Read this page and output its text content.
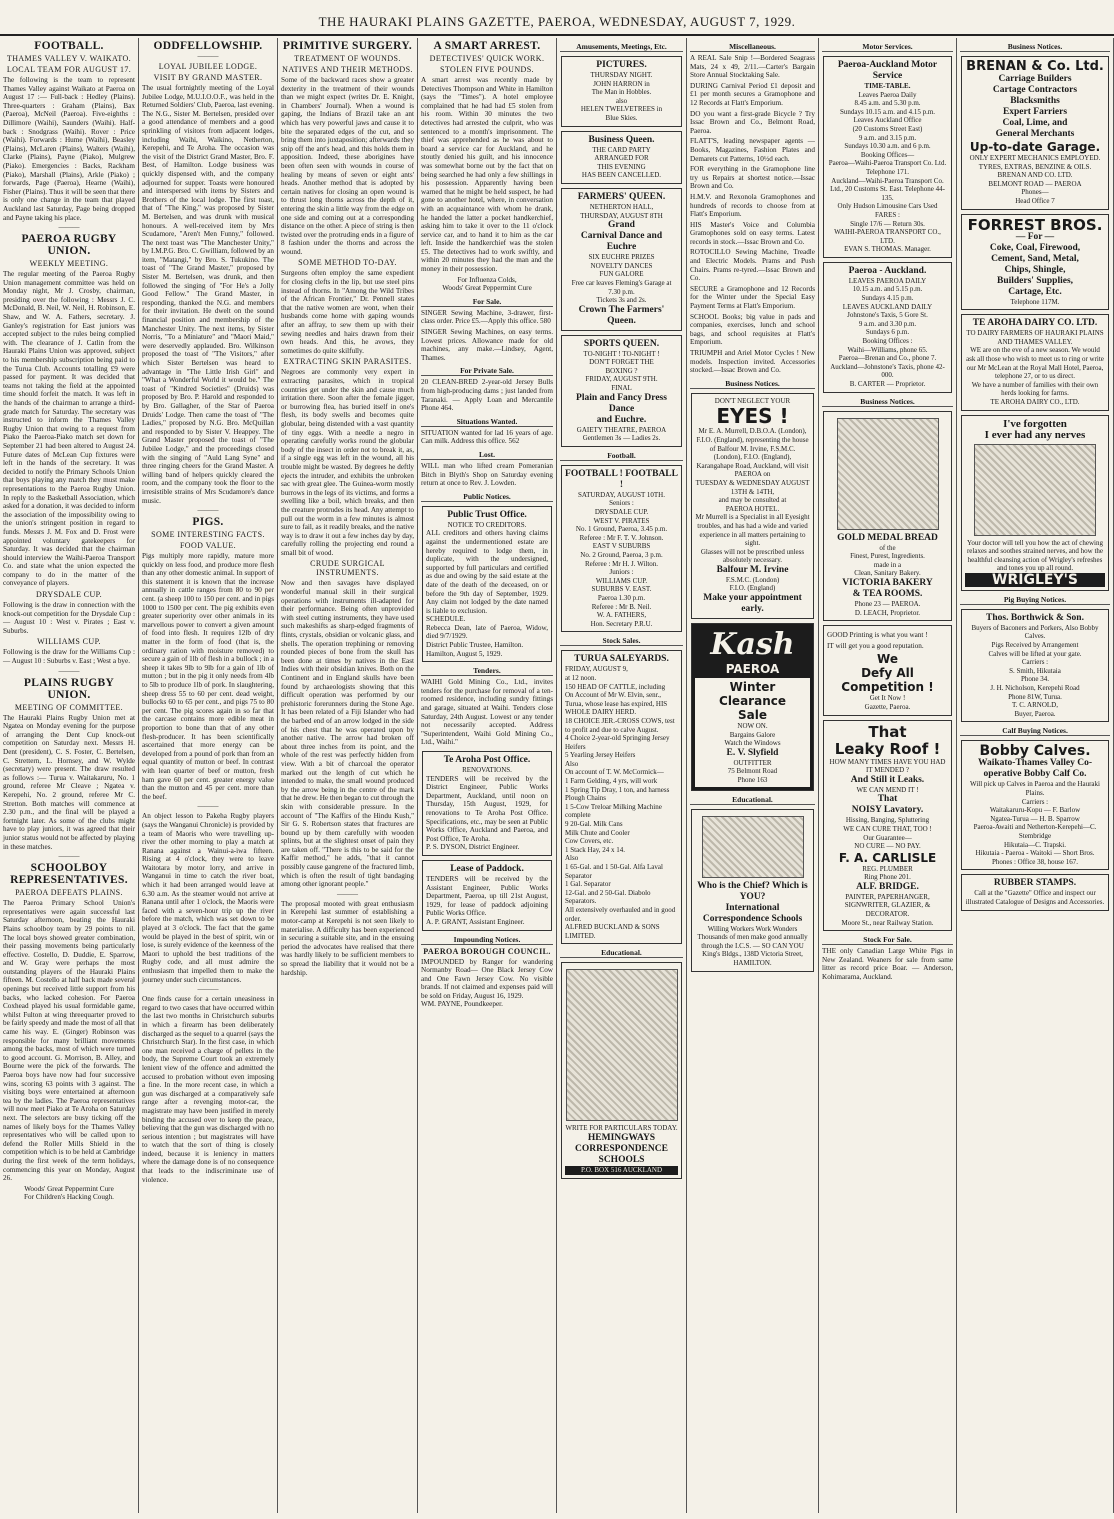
THE HAURAKI PLAINS GAZETTE, PAEROA, WEDNESDAY, AUGUST 7, 1929.
FOOTBALL.
THAMES VALLEY V. WAIKATO.
LOCAL TEAM FOR AUGUST 17.
The following is the team to represent Thames Valley against Waikato at Paeroa on August 17 :— Full-back : Hedley (Plains). Three-quarters : Graham (Plains), Bax (Paeroa), McNeil (Paeroa). Five-eighths : Dillimore (Waihi), Saunders (Waihi). Half-back : Snodgrass (Waihi). Rover : Price (Waihi). Forwards : Hume (Waihi), Beasley (Plains), McLaren (Plains), Walters (Waihi), Clarke (Plains), Payne (Piako), Mulgrew (Piako). Emergencies : Backs, Rackham (Piako), Marshall (Plains), Arkle (Piako) ; forwards, Page (Paeroa), Hearne (Waihi), Fisher (Plains). Thus it will be seen that there is only one change in the team that played Auckland last Saturday, Page being dropped and Payne taking his place.
———
PAEROA RUGBY UNION.
WEEKLY MEETING.
The regular meeting of the Paeroa Rugby Union management committee was held on Monday night, Mr J. Crosby, chairman, presiding over the following : Messrs J. C. McDonald, B. Neil, W. Neil, H. Robinson, E. Shaw, and W. A. Fathers, secretary. J. Ganley's registration for East juniors was accepted subject to the rules being complied with. The clearance of J. Catlin from the Hauraki Plains Union was approved, subject to his membership subscription being paid to the Turua Club. Accounts totalling £9 were passed for payment. It was decided that teams not taking the field at the appointed time should forfeit the match. It was left in the hands of the chairman to arrange a third-grade match for Saturday. The secretary was instructed to inform the Thames Valley Rugby Union that owing to a request from Piako the Paeroa-Piako match set down for September 21 had been altered to August 24. Future dates of McLean Cup fixtures were left in the hands of the secretary. It was decided to notify the Primary Schools Union that boys playing any match they must make representations to the Paeroa Rugby Union. In reply to the Basketball Association, which asked for a donation, it was decided to inform the association of the impossibility owing to the union's stringent position in regard to funds. Messrs J. M. Fox and D. Frost were appointed voluntary gatekeepers for Saturday. It was decided that the chairman should interview the Waihi-Paeroa Transport Co. and state what the union expected the company to do in the matter of the conveyance of players.
DRYSDALE CUP.
Following is the draw in connection with the knock-out competition for the Drysdale Cup :— August 10 : West v. Pirates ; East v. Suburbs.
WILLIAMS CUP.
Following is the draw for the Williams Cup :— August 10 : Suburbs v. East ; West a bye.
———
PLAINS RUGBY UNION.
MEETING OF COMMITTEE.
The Hauraki Plains Rugby Union met at Ngatea on Monday evening for the purpose of arranging the Dent Cup knock-out competition on Saturday next. Messrs H. Dent (president), C. S. Foster, C. Bertelsen, C. Strettern, L. Hornsey, and W. Wylde (secretary) were present. The draw resulted as follows :— Turua v. Waitakaruru, No. 1 ground, referee Mr Cleave ; Ngatea v. Kerepehi, No. 2 ground, referee Mr C. Stretton. Both matches will commence at 2.30 p.m., and the final will be played a fortnight later. As some of the clubs might have to play juniors, it was agreed that their junior status would not be affected by playing in these matches.
———
SCHOOLBOY REPRESENTATIVES.
PAEROA DEFEATS PLAINS.
The Paeroa Primary School Union's representatives were again successful last Saturday afternoon, beating the Hauraki Plains schoolboy team by 29 points to nil. The local boys showed greater combination, their passing movements being particularly effective. Costello, D. Duddie, E. Sparrow, and W. Gray were perhaps the most outstanding players of the Hauraki Plains fifteen. M. Costello at half back made several openings but received little support from his backs, who lacked cohesion. For Paeroa Coxhead played his usual formidable game, whilst Fulton at wing threequarter proved to be fairly speedy and made the most of all that came his way. E. (Ginger) Robinson was responsible for many brilliant movements among the backs, most of which were turned to good account. G. Morrison, B. Alley, and Bourne were the pick of the forwards. The Paeroa boys have now had four successive wins, scoring 63 points with 3 against. The visiting boys were entertained at afternoon tea by the ladies. The Paeroa representatives will now meet Piako at Te Aroha on Saturday next. The selectors are busy ticking off the names of likely boys for the Thames Valley representatives who will be called upon to defend the Roller Mills Shield in the competition which is to be held at Cambridge during the first week of the term holidays, commencing this year on Monday, August 26.
Woods' Great Peppermint Cure
For Children's Hacking Cough.
ODDFELLOWSHIP.
———
LOYAL JUBILEE LODGE.
VISIT BY GRAND MASTER.
The usual fortnightly meeting of the Loyal Jubilee Lodge, M.U.I.O.O.F., was held in the Returned Soldiers' Club, Paeroa, last evening. The N.G., Sister M. Bertelsen, presided over a good attendance of members and a good sprinkling of visitors from adjacent lodges, including Waihi, Waikino, Netherton, Kerepehi, and Te Aroha. The occasion was the visit of the District Grand Master, Bro. F. Best, of Hamilton. Lodge business was quickly dispensed with, and the company adjourned for supper. Toasts were honoured and interspersed with items by Sisters and Brothers of the local lodge. The first toast, that of "The King," was proposed by Sister M. Bertelsen, and was drunk with musical honours. A well-received item by Mrs Scudamore, "Aren't Men Funny," followed. The next toast was "The Manchester Unity," by I.M.P.G. Bro. C. Gwilliam, followed by an item, "Matangi," by Bro. S. Tukukino. The toast of "The Grand Master," proposed by Sister M. Bertelsen, was drunk, and then followed the singing of "For He's a Jolly Good Fellow." The Grand Master, in responding, thanked the N.G. and members for their invitation. He dwelt on the sound financial position and membership of the Manchester Unity. The next items, by Sister Norris, "To a Miniature" and "Maori Maid," were deservedly applauded. Bro. Wilkinson proposed the toast of "The Visitors," after which Sister Bertelsen was heard to advantage in "The Little Irish Girl" and "What a Wonderful World it would be." The toast of "Kindred Societies" (Druids) was proposed by Bro. P. Harold and responded to by Bro. Gallagher, of the Star of Paeroa Druids' Lodge. Then came the toast of "The Ladies," proposed by N.G. Bro. McQuillan and responded to by Sister V. Heappey. The Grand Master proposed the toast of "The Jubilee Lodge," and the proceedings closed with the singing of "Auld Lang Syne" and three ringing cheers for the Grand Master. A willing band of helpers quickly cleared the room, and the company took the floor to the irresistible strains of Mrs Scudamore's dance music.
———
PIGS.
SOME INTERESTING FACTS.
FOOD VALUE.
Pigs multiply more rapidly, mature more quickly on less food, and produce more flesh than any other domestic animal. In support of this statement it is known that the increase annually in cattle ranges from 80 to 90 per cent. (a sheep 100 to 150 per cent. and in pigs 1000 to 1500 per cent. The pig exhibits even greater superiority over other animals in its marvellous power to convert a given amount of food into flesh. It requires 12lb of dry matter in the form of food (that is, the ordinary ration with moisture removed) to secure a gain of 1lb of flesh in a bullock ; in a sheep it takes 9lb to 9lb for a gain of 1lb of mutton ; but in the pig it only needs from 4lb to 5lb to produce 1lb of pork. In slaughtering, sheep dress 55 to 60 per cent. dead weight, bullocks 60 to 65 per cent., and pigs 75 to 80 per cent. The pig scores again in so far that the carcase contains more edible meat in proportion to bone than that of any other flesh-producer. It has been scientifically ascertained that more energy can be developed from a pound of pork than from an equal quantity of mutton or beef. In contrast with lean quarter of beef or mutton, fresh ham gave 60 per cent. greater energy value than the mutton and 45 per cent. more than the beef.
———
An object lesson to Pakeha Rugby players (says the Wanganui Chronicle) is provided by a team of Maoris who were travelling up-river the other morning to play a match at Ranana against a Wainui-a-iwa fifteen. Rising at 4 o'clock, they were to leave Waitotara by motor lorry, and arrive in Wanganui in time to catch the river boat, which it had been arranged would leave at 6.30 a.m. As the steamer would not arrive at Ranana until after 1 o'clock, the Maoris were faced with a seven-hour trip up the river before the match, which was set down to be played at 3 o'clock. The fact that the game would be played in the best of spirit, win or lose, is surely evidence of the keenness of the Maori to uphold the best traditions of the Rugby code, and all must admire the enthusiasm that impelled them to make the journey under such circumstances.
———
One finds cause for a certain uneasiness in regard to two cases that have occurred within the last two months in Christchurch suburbs in which a firearm has been deliberately discharged as the sequel to a quarrel (says the Christchurch Star). In the first case, in which one man received a charge of pellets in the body, the Supreme Court took an extremely lenient view of the offence and admitted the accused to probation without even imposing a fine. In the more recent case, in which a gun was discharged at a comparatively safe range after a revenging motor-car, the magistrate may have been justified in merely binding the accused over to keep the peace, believing that the gun was discharged with no serious intention ; but magistrates will have to watch that the sort of thing is closely indeed, because it is leniency in matters where the damage done is of no consequence that leads to the indiscriminate use of violence.
PRIMITIVE SURGERY.
TREATMENT OF WOUNDS.
NATIVES AND THEIR METHODS.
Some of the backward races show a greater dexterity in the treatment of their wounds than we might expect (writes Dr. E. Knight, in Chambers' Journal). When a wound is gaping, the Indians of Brazil take an ant which has very powerful jaws and cause it to bite the separated edges of the cut, and so bring them into juxtaposition; afterwards they snip off the ant's head, and this holds them in apposition. Indeed, these aborigines have been often seen with wounds in course of healing by means of seven or eight ants' heads. Another method that is adopted by certain natives for closing an open wound is to thrust long thorns across the depth of it, entering the skin a little way from the edge on one side and coming out at a corresponding distance on the other. A piece of string is then twisted over the protruding ends in a figure of 8 fashion under the thorns and across the wound.
SOME METHOD TO-DAY.
Surgeons often employ the same expedient for closing clefts in the lip, but use steel pins instead of thorns. In "Among the Wild Tribes of the African Frontier," Dr. Pennell states that the native women are wont, when their husbands come home with gaping wounds after an affray, to sew them up with their sewing needles and hairs drawn from their own heads. And this, he avows, they sometimes do quite skilfully.
EXTRACTING SKIN PARASITES.
Negroes are commonly very expert in extracting parasites, which in tropical countries get under the skin and cause much irritation there. Soon after the female jigger, or burrowing flea, has buried itself in one's flesh, its body swells and becomes quite globular, being distended with a vast quantity of tiny eggs. With a needle a negro in operating carefully works round the globular body of the insect in order not to break it, as, if a single egg was left in the wound, all his trouble might be wasted. By degrees he deftly ejects the intruder, and exhibits the unbroken sac with great glee. The Guinea-worm mostly burrows in the legs of its victims, and forms a swelling like a boil, which breaks, and then the creature protrudes its head. Any attempt to pull out the worm in a few minutes is almost sure to fail, as it readily breaks, and the native way is to draw it out a few inches day by day, carefully rolling the projecting end round a small bit of wood.
CRUDE SURGICAL INSTRUMENTS.
Now and then savages have displayed wonderful manual skill in their surgical operations with instruments ill-adapted for their performance. Being often unprovided with steel cutting instruments, they have used such makeshifts as sharp-edged fragments of flints, crystals, obsidian or volcanic glass, and shells. The operation trephining or removing rounded pieces of bone from the skull has been done at times by natives in the East Indies with their obsidian knives. Both on the Continent and in England skulls have been found by archaeologists showing that this difficult operation was performed by our prehistoric forerunners during the Stone Age. It has been related of a Fiji Islander who had the barbed end of an arrow lodged in the side of his chest that he was operated upon by another native. The arrow had broken off about three inches from its point, and the whole of the rest was perfectly hidden from view. With a bit of charcoal the operator marked out the length of cut which he intended to make, the small wound produced by the arrow being in the centre of the mark that he drew. He then began to cut through the skin with considerable pressure. In the account of "The Kaffirs of the Hindu Kush," Sir G. S. Robertson states that fractures are bound up by them carefully with wooden splints, but at the slightest onset of pain they are taken off. "There is this to be said for the Kaffir method," he adds, "that it cannot possibly cause gangrene of the fractured limb, which is often the result of tight bandaging among other ignorant people."
———
The proposal mooted with great enthusiasm in Kerepehi last summer of establishing a motor-camp at Kerepehi is not seen likely to materialise. A difficulty has been experienced in securing a suitable site, and in the ensuing period the advocates have realised that there was hardly likely to be sufficient members to so spread the liability that it would not be a hardship.
A SMART ARREST.
DETECTIVES' QUICK WORK.
STOLEN FIVE POUNDS.
A smart arrest was recently made by Detectives Thompson and White in Hamilton (says the "Times"). A hotel employee complained that he had had £5 stolen from his room. Within 30 minutes the two detectives had arrested the culprit, who was sentenced to a month's imprisonment. The thief was apprehended as he was about to board a service car for Auckland, and he stoutly denied his guilt, and his innocence was somewhat borne out by the fact that on being searched he had only a few shillings in his possession. Apparently having been warned that he might be held suspect, he had gone to another hotel, where, in conversation with an acquaintance with whom he drank, he handed the latter a pocket handkerchief, asking him to take it over to the 11 o'clock service car, and to hand it to him as the car left. Inside the handkerchief was the stolen £5. The detectives had to work swiftly, and within 20 minutes they had the man and the money in their possession.
For Influenza Colds,
Woods' Great Peppermint Cure
For Sale.
SINGER Sewing Machine, 3-drawer, first-class order. Price £5.—Apply this office. 580
SINGER Sewing Machines, on easy terms. Lowest prices. Allowance made for old machines, any make.—Lindsey, Agent, Thames.
For Private Sale.
20 CLEAN-BRED 2-year-old Jersey Bulls from high-producing dams ; just landed from Taranaki. — Apply Loan and Mercantile Phone 464.
Situations Wanted.
SITUATION wanted for lad 16 years of age. Can milk. Address this office. 562
Lost.
WILL man who lifted cream Pomeranian Bitch in Blyth's Shop on Saturday evening return at once to Rev. J. Lowden.
Public Notices.
Public Trust Office.
NOTICE TO CREDITORS.
ALL creditors and others having claims against the undermentioned estate are hereby required to lodge them, in duplicate, with the undersigned, supported by full particulars and certified as due and owing by the said estate at the date of the death of the deceased, on or before the 9th day of September, 1929. Any claim not lodged by the date named is liable to exclusion.
SCHEDULE.
Rebecca Dean, late of Paeroa, Widow, died 9/7/1929.
District Public Trustee, Hamilton.
Hamilton, August 5, 1929.
Tenders.
WAIHI Gold Mining Co., Ltd., invites tenders for the purchase for removal of a ten-roomed residence, including sundry fittings and garage, situated at Waihi. Tenders close Saturday, 24th August. Lowest or any tender not necessarily accepted. Address "Superintendent, Waihi Gold Mining Co., Ltd., Waihi."
Te Aroha Post Office.
RENOVATIONS.
TENDERS will be received by the District Engineer, Public Works Department, Auckland, until noon on Thursday, 15th August, 1929, for renovations to Te Aroha Post Office. Specifications, etc., may be seen at Public Works Office, Auckland and Paeroa, and Post Office, Te Aroha.
P. S. DYSON, District Engineer.
Lease of Paddock.
TENDERS will be received by the Assistant Engineer, Public Works Department, Paeroa, up till 21st August, 1929, for lease of paddock adjoining Public Works Office.
A. P. GRANT, Assistant Engineer.
Impounding Notices.
PAEROA BOROUGH COUNCIL.
IMPOUNDED by Ranger for wandering Normanby Road— One Black Jersey Cow and One Fawn Jersey Cow. No visible brands. If not claimed and expenses paid will be sold on Friday, August 16, 1929.
WM. PAYNE, Poundkeeper.
Amusements, Meetings, Etc.
PICTURES.
THURSDAY NIGHT.
JOHN HARRON in
The Man in Hobbles.
also
HELEN TWELVETREES in
Blue Skies.
Business Queen.
THE CARD PARTY
ARRANGED FOR
THIS EVENING
HAS BEEN CANCELLED.
FARMERS' QUEEN.
NETHERTON HALL,
THURSDAY, AUGUST 8TH
Grand
Carnival Dance and Euchre
SIX EUCHRE PRIZES
NOVELTY DANCES
FUN GALORE
Free car leaves Fleming's Garage at 7.30 p.m.
Tickets 3s and 2s.
Crown The Farmers' Queen.
SPORTS QUEEN.
TO-NIGHT ! TO-NIGHT !
DON'T FORGET THE
BOXING ?
FRIDAY, AUGUST 9TH.
FINAL
Plain and Fancy Dress Dance
and Euchre.
GAIETY THEATRE, PAEROA
Gentlemen 3s — Ladies 2s.
Football.
FOOTBALL ! FOOTBALL !
SATURDAY, AUGUST 10TH.
Seniors :
DRYSDALE CUP.
WEST V. PIRATES
No. 1 Ground, Paeroa, 3.45 p.m.
Referee : Mr F. T. V. Johnson.
EAST V SUBURBS
No. 2 Ground, Paeroa, 3 p.m.
Referee : Mr H. J. Wilton.
Juniors :
WILLIAMS CUP.
SUBURBS V. EAST.
Paeroa 1.30 p.m.
Referee : Mr B. Neil.
W. A. FATHERS,
Hon. Secretary P.R.U.
Stock Sales.
TURUA SALEYARDS.
FRIDAY, AUGUST 9,
at 12 noon.
150 HEAD OF CATTLE, including
On Account of Mr W. Elvin, senr., Turua, whose lease has expired, HIS WHOLE DAIRY HERD.
18 CHOICE JER.-CROSS COWS, test to profit and due to calve August.
4 Choice 2-year-old Springing Jersey Heifers
5 Yearling Jersey Heifers
Also
On account of T. W. McCormick—
1 Farm Gelding, 4 yrs, will work
1 Spring Tip Dray, 1 ton, and harness
Plough Chains
1 5-Cow Treloar Milking Machine complete
9 20-Gal. Milk Cans
Milk Chute and Cooler
Cow Covers, etc.
1 Stack Hay, 24 x 14.
Also
1 65-Gal. and 1 50-Gal. Alfa Laval Separator
1 Gal. Separator
12-Gal. and 2 50-Gal. Diabolo Separators.
All extensively overhauled and in good order.
ALFRED BUCKLAND & SONS LIMITED.
Educational.
WRITE FOR PARTICULARS TODAY.
HEMINGWAYS
CORRESPONDENCE SCHOOLS
P.O. BOX 516 AUCKLAND
Miscellaneous.
A REAL Sale Snip !—Bordered Seagrass Mats, 24 x 49, 2/11.—Carter's Bargain Store Annual Stocktaking Sale.
DURING Carnival Period £1 deposit and £1 per month secures a Gramophone and 12 Records at Flatt's Emporium.
DO you want a first-grade Bicycle ? Try Issac Brown and Co., Belmont Road, Paeroa.
FLATT'S, leading newspaper agents — Books, Magazines, Fashion Plates and Demarets cut Patterns, 10½d each.
FOR everything in the Gramophone line try us Repairs at shortest notice.—Issac Brown and Co.
H.M.V. and Rexonola Gramophones and hundreds of records to choose from at Flatt's Emporium.
HIS Master's Voice and Columbia Gramophones sold on easy terms. Latest records in stock.—Issac Brown and Co.
ROTOCILLO Sewing Machine, Treadle and Electric Models. Prams and Push Chairs. Prams re-tyred.—Issac Brown and Co.
SECURE a Gramophone and 12 Records for the Winter under the Special Easy Payment Terms at Flatt's Emporium.
SCHOOL Books; big value in pads and companies, exercises, lunch and school bags, and school requisites at Flatt's Emporium.
TRIUMPH and Ariel Motor Cycles ! New models. Inspection invited. Accessories stocked.—Issac Brown and Co.
Business Notices.
DON'T NEGLECT YOUR
EYES !
Mr E. A. Murrell, D.B.O.A. (London), F.I.O. (England), representing the house of Balfour M. Irvine, F.S.M.C. (London), F.I.O. (England), Karangahape Road, Auckland, will visit
PAEROA on
TUESDAY & WEDNESDAY AUGUST 13TH & 14TH,
and may be consulted at
PAEROA HOTEL.
Mr Murrell is a Specialist in all Eyesight troubles, and has had a wide and varied experience in all matters pertaining to sight.
Glasses will not be prescribed unless absolutely necessary.
Balfour M. Irvine
F.S.M.C. (London)
F.I.O. (England)
Make your appointment early.
Kash
PAEROA
Winter
Clearance
Sale
NOW ON.
Bargains Galore
Watch the Windows
E. V. Slyfield
OUTFITTER
75 Belmont Road
Phone 163
Educational.
Who is the Chief? Which is YOU?
International
Correspondence Schools
Willing Workers Work Wonders
Thousands of men make good annually through the I.C.S. — SO CAN YOU
King's Bldgs., 138D Victoria Street, HAMILTON.
Motor Services.
Paeroa-Auckland Motor Service
TIME-TABLE.
Leaves Paeroa Daily
8.45 a.m. and 5.30 p.m.
Sundays 10.15 a.m. and 4.15 p.m.
Leaves Auckland Office
(20 Customs Street East)
9 a.m. and 3.15 p.m.
Sundays 10.30 a.m. and 6 p.m.
Booking Offices—
Paeroa—Waihi-Paeroa Transport Co. Ltd. Telephone 171.
Auckland—Waihi-Paeroa Transport Co. Ltd., 20 Customs St. East. Telephone 44-135.
Only Hudson Limousine Cars Used
FARES :
Single 17/6 — Return 30s.
WAIHI-PAEROA TRANSPORT CO., LTD.
EVAN S. THOMAS. Manager.
Paeroa - Auckland.
LEAVES PAEROA DAILY
10.15 a.m. and 5.15 p.m.
Sundays 4.15 p.m.
LEAVES AUCKLAND DAILY
Johnstone's Taxis, 5 Gore St.
9 a.m. and 3.30 p.m.
Sundays 6 p.m.
Booking Offices :
Waihi—Williams, phone 65.
Paeroa—Brenan and Co., phone 7.
Auckland—Johnstone's Taxis, phone 42-000.
B. CARTER — Proprietor.
Business Notices.
GOLD MEDAL BREAD
of the
Finest, Purest, Ingredients.
made in a
Clean, Sanitary Bakery.
VICTORIA BAKERY
& TEA ROOMS.
Phone 23 — PAEROA.
D. LEACH, Proprietor.
GOOD Printing is what you want !
IT will get you a good reputation.
We
Defy All
Competition !
Get It Now !
Gazette, Paeroa.
That
Leaky Roof !
HOW MANY TIMES HAVE YOU HAD IT MENDED ?
And Still it Leaks.
WE CAN MEND IT !
That
NOISY Lavatory.
Hissing, Banging, Spluttering
WE CAN CURE THAT, TOO !
Our Guarantee—
NO CURE — NO PAY.
F. A. CARLISLE
REG. PLUMBER
Ring Phone 201.
ALF. BRIDGE.
PAINTER, PAPERHANGER, SIGNWRITER, GLAZIER, & DECORATOR.
Moore St., near Railway Station.
Stock For Sale.
THE only Canadian Large White Pigs in New Zealand. Weaners for sale from same litter as record price Boar. — Anderson, Kohimarama, Auckland.
Business Notices.
BRENAN & Co. Ltd.
Carriage Builders
Cartage Contractors
Blacksmiths
Expert Farriers
Coal, Lime, and
General Merchants
Up-to-date Garage.
ONLY EXPERT MECHANICS EMPLOYED.
TYRES, EXTRAS, BENZINE & OILS.
BRENAN AND CO. LTD.
BELMONT ROAD — PAEROA
Phones—
Head Office 7
FORREST BROS.
— For —
Coke, Coal, Firewood,
Cement, Sand, Metal,
Chips, Shingle,
Builders' Supplies,
Cartage, Etc.
Telephone 117M.
TE AROHA DAIRY CO. LTD.
TO DAIRY FARMERS OF HAURAKI PLAINS AND THAMES VALLEY.
WE are on the eve of a new season. We would ask all those who wish to meet us to ring or write our Mr McLean at the Royal Mall Hotel, Paeroa, telephone 27, or to us direct.
We have a number of families with their own herds looking for farms.
TE AROHA DAIRY CO., LTD.
I've forgotten
I ever had any nerves
Your doctor will tell you how the act of chewing relaxes and soothes strained nerves, and how the healthful cleansing action of Wrigley's refreshes and tones you up all round.
WRIGLEY'S
Pig Buying Notices.
Thos. Borthwick & Son.
Buyers of Baconers and Porkers, Also Bobby Calves.
Pigs Received by Arrangement
Calves will be lifted at your gate.
Carriers :
S. Smith, Hikutaia
Phone 34.
J. H. Nicholson, Kerepehi Road
Phone 81W, Turua.
T. C. ARNOLD,
Buyer, Paeroa.
Calf Buying Notices.
Bobby Calves.
Waikato-Thames Valley Co-operative Bobby Calf Co.
Will pick up Calves in Paeroa and the Hauraki Plains.
Carriers :
Waitakaruru-Kopu — F. Barlow
Ngatea-Turua — H. B. Sparrow
Paeroa-Awaiti and Netherton-Kerepehi—C. Stembridge
Hikutaia—C. Trapski.
Hikutaia - Paeroa - Waitoki — Short Bros.
Phones : Office 38, house 167.
RUBBER STAMPS.
Call at the "Gazette" Office and inspect our illustrated Catalogue of Designs and Accessories.
